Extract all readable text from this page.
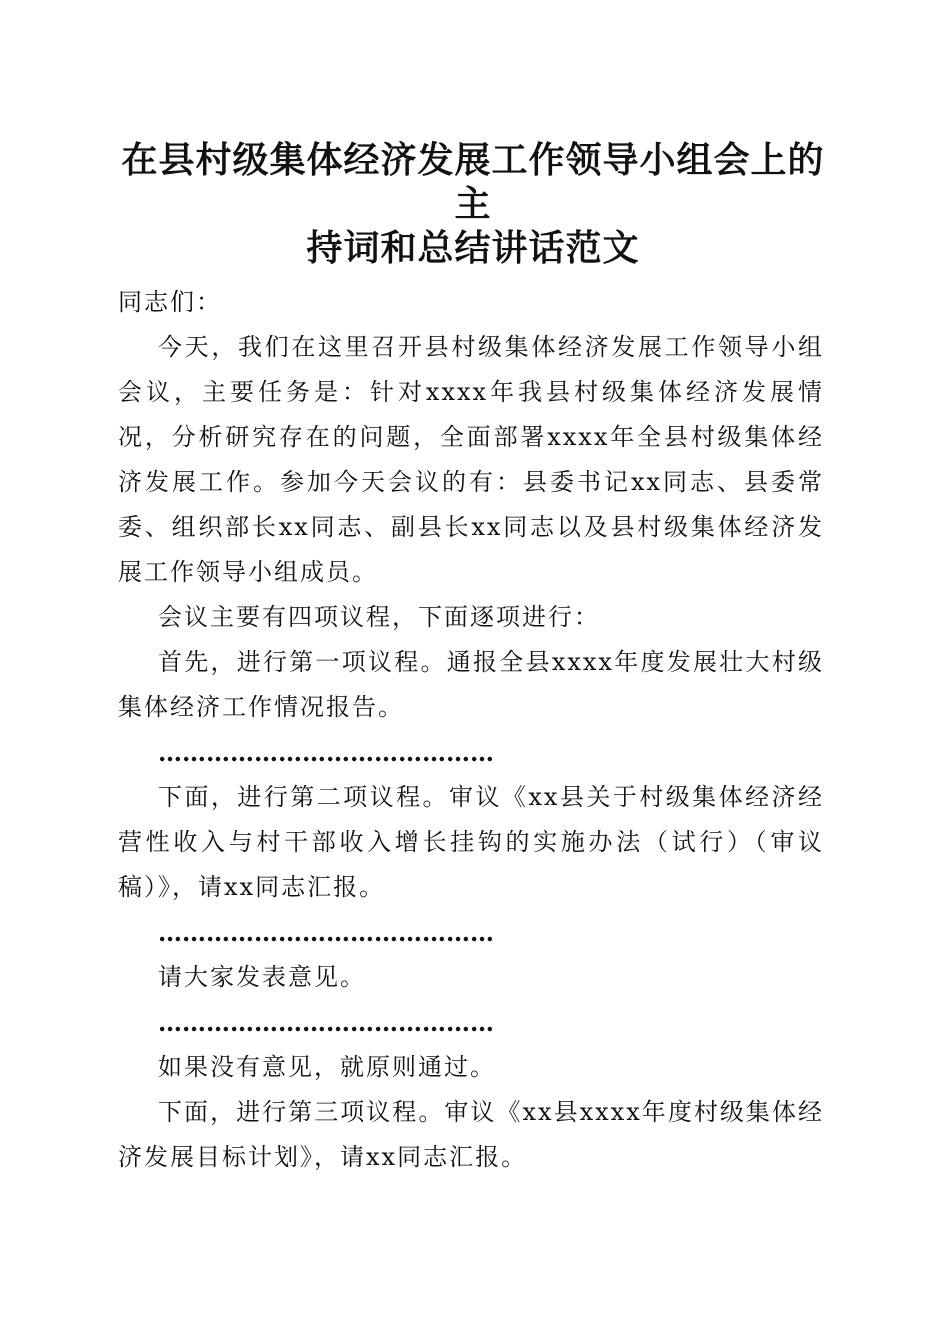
在县村级集体经济发展工作领导小组会上的主
持词和总结讲话范文

同志们：

今天，我们在这里召开县村级集体经济发展工作领导小组会议，主要任务是：针对xxxx年我县村级集体经济发展情况，分析研究存在的问题，全面部署xxxx年全县村级集体经济发展工作。参加今天会议的有：县委书记xx同志、县委常委、组织部长xx同志、副县长xx同志以及县村级集体经济发展工作领导小组成员。

会议主要有四项议程，下面逐项进行：

首先，进行第一项议程。通报全县xxxx年度发展壮大村级集体经济工作情况报告。

……………………………………

下面，进行第二项议程。审议《xx县关于村级集体经济经营性收入与村干部收入增长挂钩的实施办法（试行）（审议稿）》，请xx同志汇报。

……………………………………

请大家发表意见。

……………………………………

如果没有意见，就原则通过。

下面，进行第三项议程。审议《xx县xxxx年度村级集体经济发展目标计划》，请xx同志汇报。
